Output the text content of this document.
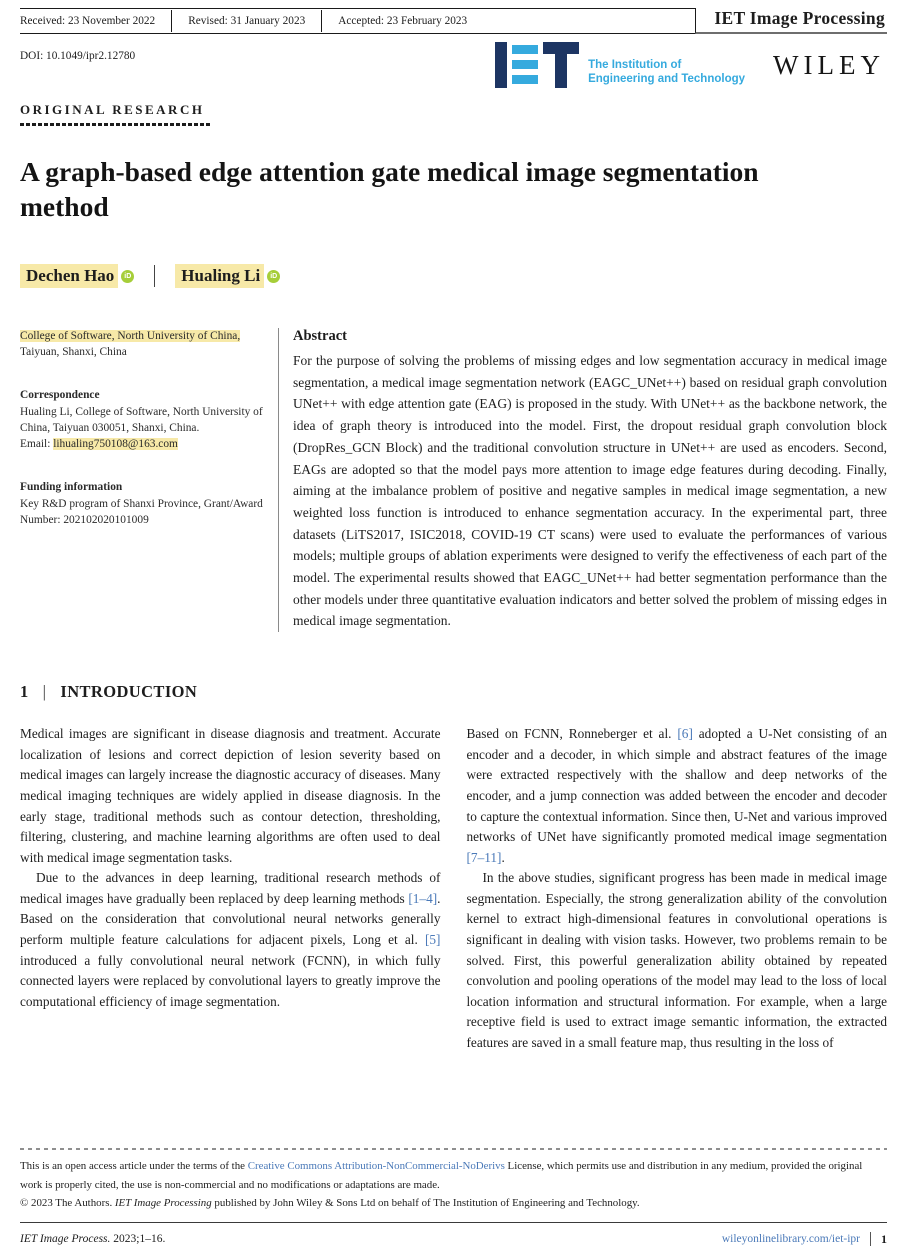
Received: 23 November 2022	Revised: 31 January 2023	Accepted: 23 February 2023	IET Image Processing
DOI: 10.1049/ipr2.12780
The Institution of
Engineering and Technology WILEY
ORIGINAL RESEARCH
A graph-based edge attention gate medical image segmentation method
Dechen Hao	iD	Hualing Li	iD
College of Software, North University of China,
Taiyuan, Shanxi, China
Correspondence
Hualing Li, College of Software, North University of China, Taiyuan 030051, Shanxi, China.
Email: lihualing750108@163.com
Funding information
Key R&D program of Shanxi Province, Grant/Award Number: 202102020101009
Abstract
For the purpose of solving the problems of missing edges and low segmentation accuracy in medical image segmentation, a medical image segmentation network (EAGC_UNet++) based on residual graph convolution UNet++ with edge attention gate (EAG) is proposed in the study. With UNet++ as the backbone network, the idea of graph theory is introduced into the model. First, the dropout residual graph convolution block (DropRes_GCN Block) and the traditional convolution structure in UNet++ are used as encoders. Second, EAGs are adopted so that the model pays more attention to image edge features during decoding. Finally, aiming at the imbalance problem of positive and negative samples in medical image segmentation, a new weighted loss function is introduced to enhance segmentation accuracy. In the experimental part, three datasets (LiTS2017, ISIC2018, COVID-19 CT scans) were used to evaluate the performances of various models; multiple groups of ablation experiments were designed to verify the effectiveness of each part of the model. The experimental results showed that EAGC_UNet++ had better segmentation performance than the other models under three quantitative evaluation indicators and better solved the problem of missing edges in medical image segmentation.
1 | INTRODUCTION

Medical images are significant in disease diagnosis and treatment. Accurate localization of lesions and correct depiction of lesion severity based on medical images can largely increase the diagnostic accuracy of diseases. Many medical imaging techniques are widely applied in disease diagnosis. In the early stage, traditional methods such as contour detection, thresholding, filtering, clustering, and machine learning algorithms are often used to deal with medical image segmentation tasks.

Due to the advances in deep learning, traditional research methods of medical images have gradually been replaced by deep learning methods [1–4]. Based on the consideration that convolutional neural networks generally perform multiple feature calculations for adjacent pixels, Long et al. [5] introduced a fully convolutional neural network (FCNN), in which fully connected layers were replaced by convolutional layers to greatly improve the computational efficiency of image segmentation.

Based on FCNN, Ronneberger et al. [6] adopted a U-Net consisting of an encoder and a decoder, in which simple and abstract features of the image were extracted respectively with the shallow and deep networks of the encoder, and a jump connection was added between the encoder and decoder to capture the contextual information. Since then, U-Net and various improved networks of UNet have significantly promoted medical image segmentation [7–11].

In the above studies, significant progress has been made in medical image segmentation. Especially, the strong generalization ability of the convolution kernel to extract high-dimensional features in convolutional operations is significant in dealing with vision tasks. However, two problems remain to be solved. First, this powerful generalization ability obtained by repeated convolution and pooling operations of the model may lead to the loss of local location information and structural information. For example, when a large receptive field is used to extract image semantic information, the extracted features are saved in a small feature map, thus resulting in the loss of

This is an open access article under the terms of the Creative Commons Attribution-NonCommercial-NoDerivs License, which permits use and distribution in any medium, provided the original work is properly cited, the use is non-commercial and no modifications or adaptations are made.
© 2023 The Authors. IET Image Processing published by John Wiley & Sons Ltd on behalf of The Institution of Engineering and Technology.
IET Image Process. 2023;1–16.	wileyonlinelibrary.com/iet-ipr 1
